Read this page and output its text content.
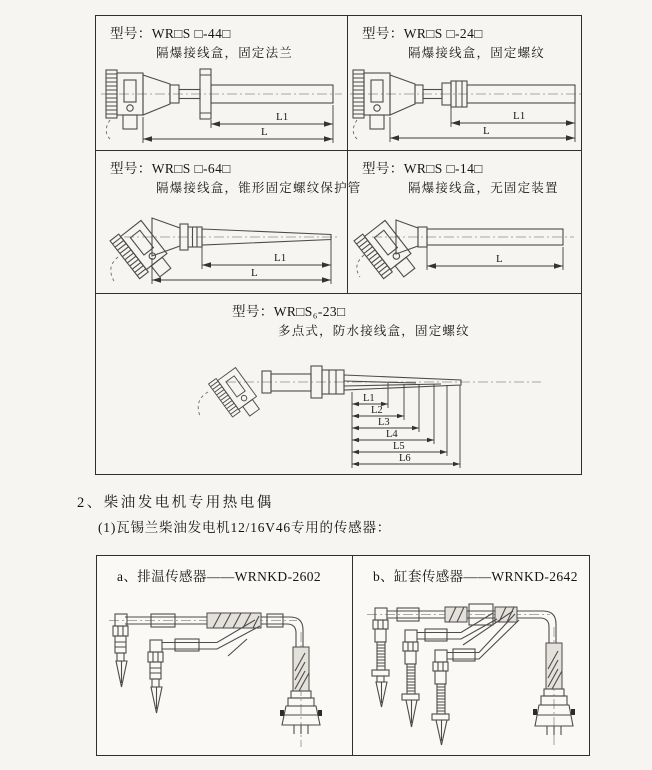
型号：WR□S □-44□
隔爆接线盒，固定法兰
L1
L
型号：WR□S □-24□
隔爆接线盒，固定螺纹
L1
L
型号：WR□S □-64□
隔爆接线盒，锥形固定螺纹保护管
L1
L
型号：WR□S □-14□
隔爆接线盒，无固定装置
L
型号：WR□S₆-23□
多点式，防水接线盒，固定螺纹
L1
L2
L3
L4
L5
L6
2、柴油发电机专用热电偶
(1)瓦锡兰柴油发电机12/16V46专用的传感器：
a、排温传感器——WRNKD-2602	b、缸套传感器——WRNKD-2642
